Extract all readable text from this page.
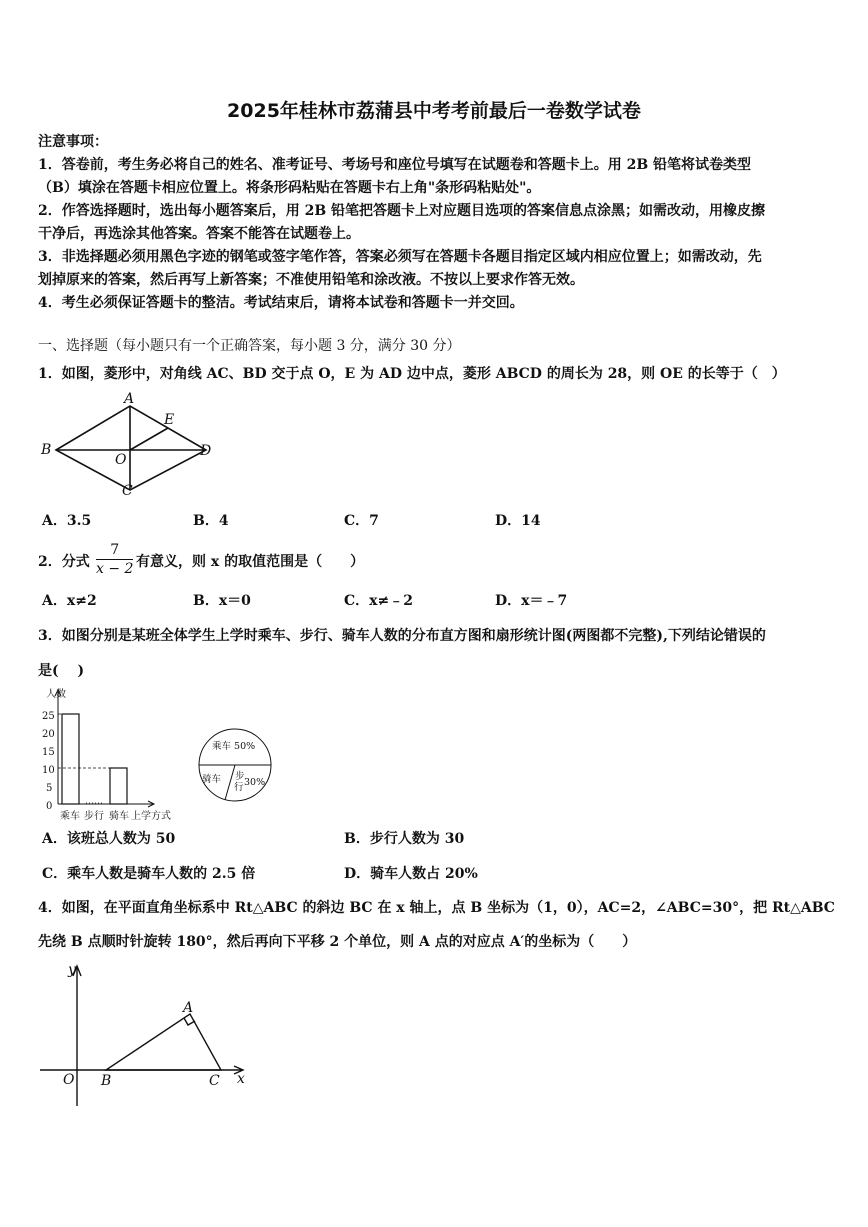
2025年桂林市荔蒲县中考考前最后一卷数学试卷
注意事项：
1．答卷前，考生务必将自己的姓名、准考证号、考场号和座位号填写在试题卷和答题卡上。用 2B 铅笔将试卷类型
（B）填涂在答题卡相应位置上。将条形码粘贴在答题卡右上角"条形码粘贴处"。
2．作答选择题时，选出每小题答案后，用 2B 铅笔把答题卡上对应题目选项的答案信息点涂黑；如需改动，用橡皮擦
干净后，再选涂其他答案。答案不能答在试题卷上。
3．非选择题必须用黑色字迹的钢笔或签字笔作答，答案必须写在答题卡各题目指定区域内相应位置上；如需改动，先
划掉原来的答案，然后再写上新答案；不准使用铅笔和涂改液。不按以上要求作答无效。
4．考生必须保证答题卡的整洁。考试结束后，请将本试卷和答题卡一并交回。
一、选择题（每小题只有一个正确答案，每小题 3 分，满分 30 分）
1．如图，菱形中，对角线 AC、BD 交于点 O，E 为 AD 边中点，菱形 ABCD 的周长为 28，则 OE 的长等于（　）
A
E
B
O
D
C
A．3.5	B．4	C．7	D．14
2．分式 $\frac{7}{x - 2}$ 有意义，则 x 的取值范围是（　　）
A．x≠2	B．x＝0	C．x≠﹣2	D．x＝﹣7
3．如图分别是某班全体学生上学时乘车、步行、骑车人数的分布直方图和扇形统计图(两图都不完整),下列结论错误的
是(　 )
人数
25
20
15
10
5
0
乘车 步行 骑车 上学方式
乘车 50%
骑车 步
行 30%
A．该班总人数为 50	B．步行人数为 30
C．乘车人数是骑车人数的 2.5 倍	D．骑车人数占 20%
4．如图，在平面直角坐标系中 Rt△ABC 的斜边 BC 在 x 轴上，点 B 坐标为（1，0），AC=2，∠ABC=30°，把 Rt△ABC
先绕 B 点顺时针旋转 180°，然后再向下平移 2 个单位，则 A 点的对应点 A′的坐标为（　　）
y
x
O B	C
A
